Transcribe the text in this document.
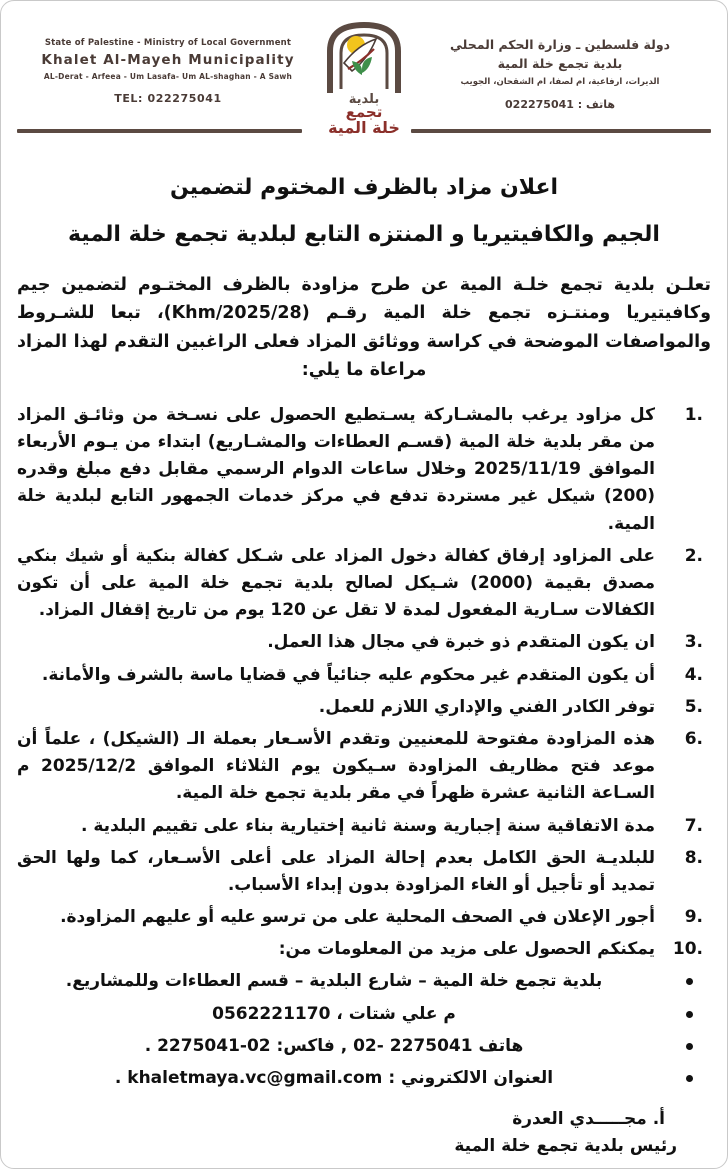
State of Palestine - Ministry of Local Government
Khalet Al-Mayeh Municipality
AL-Derat - Arfeea - Um Lasafa- Um AL-shaghan - A Sawh
TEL: 022275041	بلدية
تجمع
خلة المية
دولة فلسطين ـ وزارة الحكم المحلي
بلدية تجمع خلة المية
الديرات، ارفاعية، ام لصفا، ام الشقحان، الجويب
هاتف : 022275041
اعلان مزاد بالظرف المختوم لتضمين
الجيم والكافيتيريا و المنتزه التابع لبلدية تجمع خلة المية

تعلـن بلدية تجمع خلـة المية عن طرح مزاودة بالظرف المختـوم لتضمين جيم وكافيتيريا ومنتـزه تجمع خلة المية رقـم (Khm/2025/28)، تبعا للشـروط والمواصفات الموضحة في كراسة ووثائق المزاد فعلى الراغبين التقدم لهذا المزاد مراعاة ما يلي:

كل مزاود يرغب بالمشـاركة يسـتطيع الحصول على نسـخة من وثائـق المزاد من مقر بلدية خلة المية (قسـم العطاءات والمشـاريع) ابتداء من يـوم الأربعاء الموافق 2025/11/19 وخلال ساعات الدوام الرسمي مقابل دفع مبلغ وقدره (200) شيكل غير مستردة تدفع في مركز خدمات الجمهور التابع لبلدية خلة المية.
على المزاود إرفاق كفالة دخول المزاد على شـكل كفالة بنكية أو شيك بنكي مصدق بقيمة (2000) شـيكل لصالح بلدية تجمع خلة المية على أن تكون الكفالات سـارية المفعول لمدة لا تقل عن 120 يوم من تاريخ إقفال المزاد.
ان يكون المتقدم ذو خبرة في مجال هذا العمل.
أن يكون المتقدم غير محكوم عليه جنائياً في قضايا ماسة بالشرف والأمانة.
توفر الكادر الفني والإداري اللازم للعمل.
هذه المزاودة مفتوحة للمعنيين وتقدم الأسـعار بعملة الـ (الشيكل) ، علماً أن موعد فتح مظاريف المزاودة سـيكون يوم الثلاثاء الموافق 2025/12/2 م السـاعة الثانية عشرة ظهراً في مقر بلدية تجمع خلة المية.
مدة الاتفاقية سنة إجبارية وسنة ثانية إختيارية بناء على تقييم البلدية .
للبلديـة الحق الكامل بعدم إحالة المزاد على أعلى الأسـعار، كما ولها الحق تمديد أو تأجيل أو الغاء المزاودة بدون إبداء الأسباب.
أجور الإعلان في الصحف المحلية على من ترسو عليه أو عليهم المزاودة.
يمكنكم الحصول على مزيد من المعلومات من:
بلدية تجمع خلة المية – شارع البلدية – قسم العطاءات وللمشاريع.
م علي شتات ، 0562221170
هاتف 2275041 -02 , فاكس: 02-2275041 .
العنوان الالكتروني : khaletmaya.vc@gmail.com .
أ. مجـــــدي العدرة
رئيس بلدية تجمع خلة المية
